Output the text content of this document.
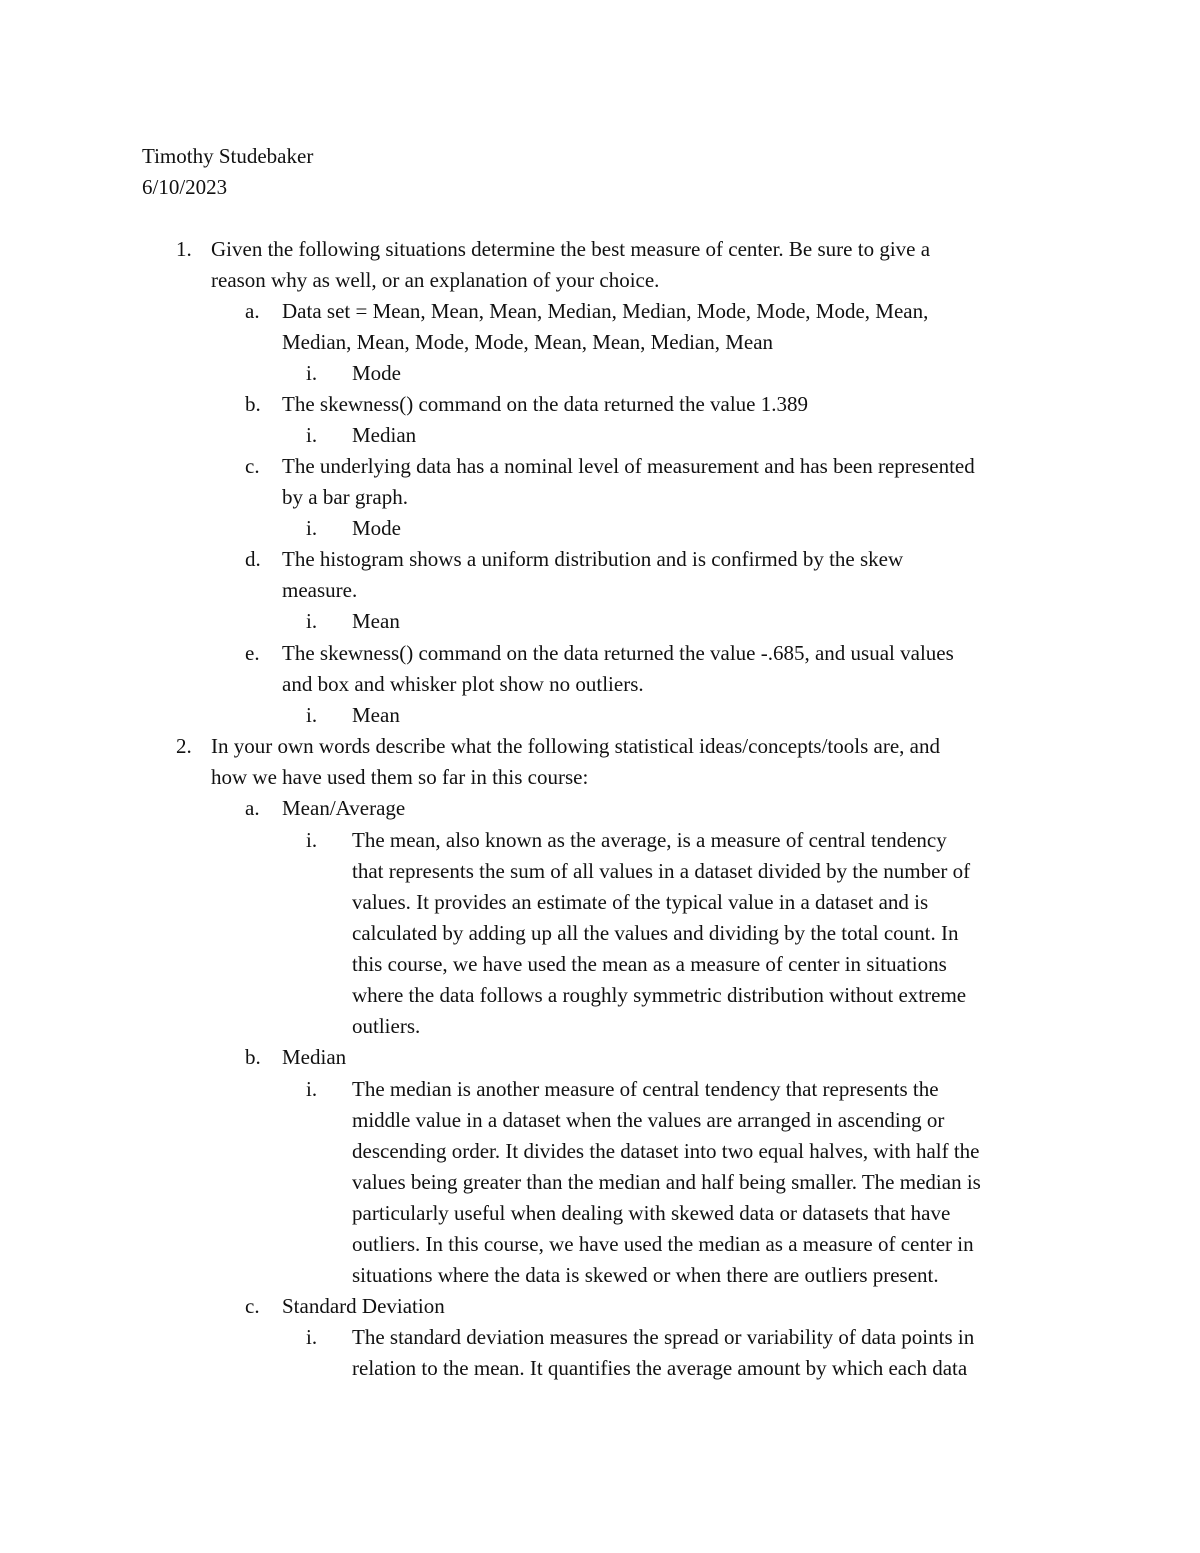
Timothy Studebaker
6/10/2023
1. Given the following situations determine the best measure of center. Be sure to give a
reason why as well, or an explanation of your choice.
a. Data set = Mean, Mean, Mean, Median, Median, Mode, Mode, Mode, Mean,
Median, Mean, Mode, Mode, Mean, Mean, Median, Mean
i. Mode
b. The skewness() command on the data returned the value 1.389
i. Median
c. The underlying data has a nominal level of measurement and has been represented
by a bar graph.
i. Mode
d. The histogram shows a uniform distribution and is confirmed by the skew
measure.
i. Mean
e. The skewness() command on the data returned the value -.685, and usual values
and box and whisker plot show no outliers.
i. Mean
2. In your own words describe what the following statistical ideas/concepts/tools are, and
how we have used them so far in this course:
a. Mean/Average
i. The mean, also known as the average, is a measure of central tendency
that represents the sum of all values in a dataset divided by the number of
values. It provides an estimate of the typical value in a dataset and is
calculated by adding up all the values and dividing by the total count. In
this course, we have used the mean as a measure of center in situations
where the data follows a roughly symmetric distribution without extreme
outliers.
b. Median
i. The median is another measure of central tendency that represents the
middle value in a dataset when the values are arranged in ascending or
descending order. It divides the dataset into two equal halves, with half the
values being greater than the median and half being smaller. The median is
particularly useful when dealing with skewed data or datasets that have
outliers. In this course, we have used the median as a measure of center in
situations where the data is skewed or when there are outliers present.
c. Standard Deviation
i. The standard deviation measures the spread or variability of data points in
relation to the mean. It quantifies the average amount by which each data
